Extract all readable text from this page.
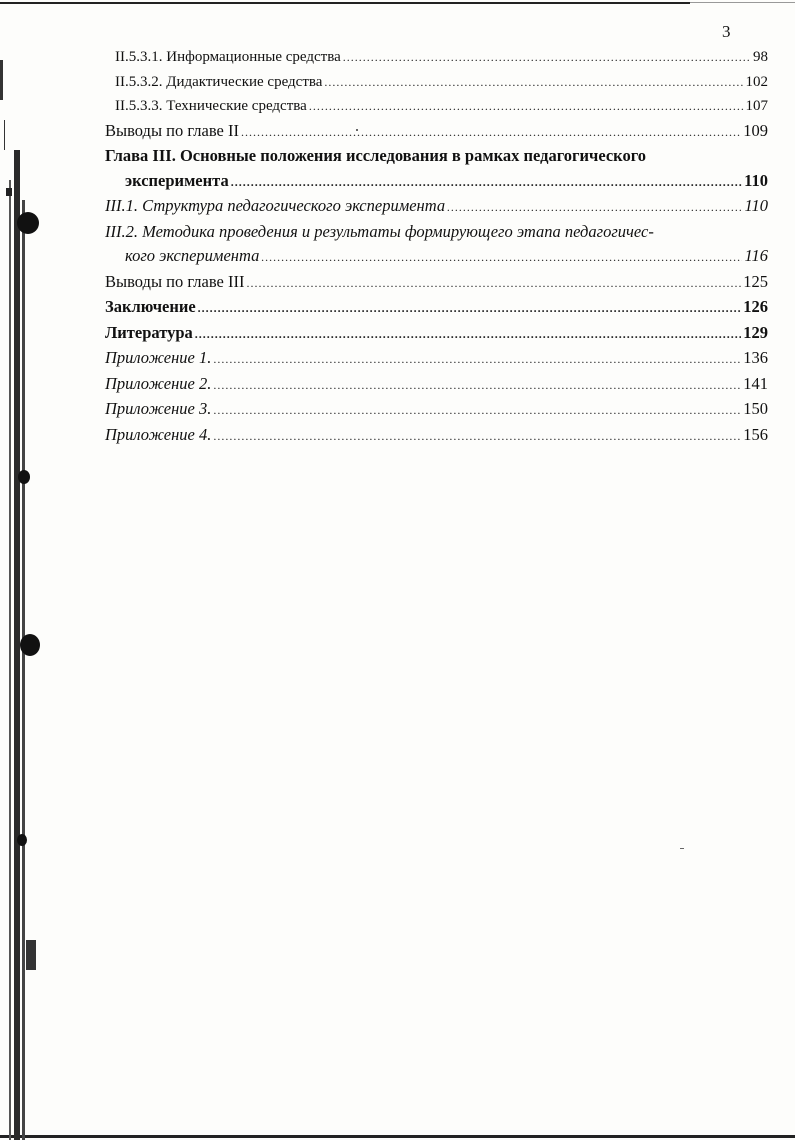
3
II.5.3.1. Информационные средства .....	98
II.5.3.2. Дидактические средства .....	102
II.5.3.3. Технические средства .....	107
Выводы по главе II .....	109
Глава III. Основные положения исследования в рамках педагогического
эксперимента .....	110
III.1. Структура педагогического эксперимента .....	110
III.2. Методика проведения и результаты формирующего этапа педагогичес-
кого эксперимента .....	116
Выводы по главе III .....	125
Заключение .....	126
Литература .....	129
Приложение 1. .....	136
Приложение 2. .....	141
Приложение 3. .....	150
Приложение 4. .....	156
